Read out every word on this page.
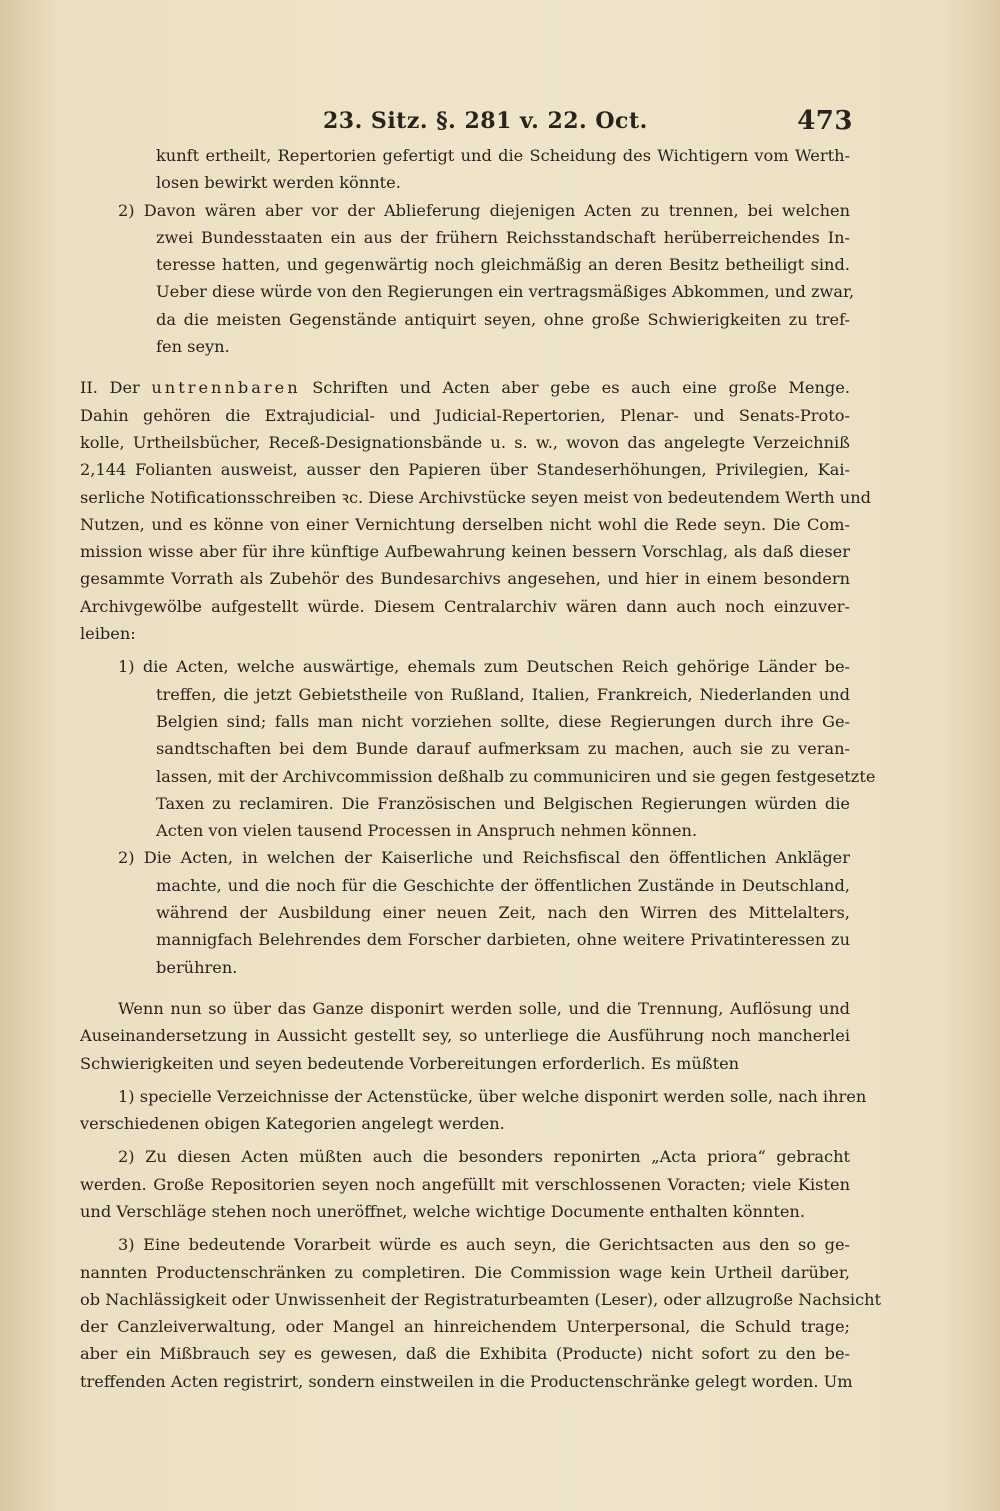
23. Sitz. §. 281 v. 22. Oct.	473

kunft ertheilt, Repertorien gefertigt und die Scheidung des Wichtigern vom Werth-

losen bewirkt werden könnte.

2) Davon wären aber vor der Ablieferung diejenigen Acten zu trennen, bei welchen

zwei Bundesstaaten ein aus der frühern Reichsstandschaft herüberreichendes In-

teresse hatten, und gegenwärtig noch gleichmäßig an deren Besitz betheiligt sind.

Ueber diese würde von den Regierungen ein vertragsmäßiges Abkommen, und zwar,

da die meisten Gegenstände antiquirt seyen, ohne große Schwierigkeiten zu tref-

fen seyn.

II. Der untrennbaren Schriften und Acten aber gebe es auch eine große Menge.

Dahin gehören die Extrajudicial- und Judicial-Repertorien, Plenar- und Senats-Proto-

kolle, Urtheilsbücher, Receß-Designationsbände u. s. w., wovon das angelegte Verzeichniß

2,144 Folianten ausweist, ausser den Papieren über Standeserhöhungen, Privilegien, Kai-

serliche Notificationsschreiben ꝛc. Diese Archivstücke seyen meist von bedeutendem Werth und

Nutzen, und es könne von einer Vernichtung derselben nicht wohl die Rede seyn. Die Com-

mission wisse aber für ihre künftige Aufbewahrung keinen bessern Vorschlag, als daß dieser

gesammte Vorrath als Zubehör des Bundesarchivs angesehen, und hier in einem besondern

Archivgewölbe aufgestellt würde. Diesem Centralarchiv wären dann auch noch einzuver-

leiben:

1) die Acten, welche auswärtige, ehemals zum Deutschen Reich gehörige Länder be-

treffen, die jetzt Gebietstheile von Rußland, Italien, Frankreich, Niederlanden und

Belgien sind; falls man nicht vorziehen sollte, diese Regierungen durch ihre Ge-

sandtschaften bei dem Bunde darauf aufmerksam zu machen, auch sie zu veran-

lassen, mit der Archivcommission deßhalb zu communiciren und sie gegen festgesetzte

Taxen zu reclamiren. Die Französischen und Belgischen Regierungen würden die

Acten von vielen tausend Processen in Anspruch nehmen können.

2) Die Acten, in welchen der Kaiserliche und Reichsfiscal den öffentlichen Ankläger

machte, und die noch für die Geschichte der öffentlichen Zustände in Deutschland,

während der Ausbildung einer neuen Zeit, nach den Wirren des Mittelalters,

mannigfach Belehrendes dem Forscher darbieten, ohne weitere Privatinteressen zu

berühren.

Wenn nun so über das Ganze disponirt werden solle, und die Trennung, Auflösung und

Auseinandersetzung in Aussicht gestellt sey, so unterliege die Ausführung noch mancherlei

Schwierigkeiten und seyen bedeutende Vorbereitungen erforderlich. Es müßten

1) specielle Verzeichnisse der Actenstücke, über welche disponirt werden solle, nach ihren

verschiedenen obigen Kategorien angelegt werden.

2) Zu diesen Acten müßten auch die besonders reponirten „Acta priora“ gebracht

werden. Große Repositorien seyen noch angefüllt mit verschlossenen Voracten; viele Kisten

und Verschläge stehen noch uneröffnet, welche wichtige Documente enthalten könnten.

3) Eine bedeutende Vorarbeit würde es auch seyn, die Gerichtsacten aus den so ge-

nannten Productenschränken zu completiren. Die Commission wage kein Urtheil darüber,

ob Nachlässigkeit oder Unwissenheit der Registraturbeamten (Leser), oder allzugroße Nachsicht

der Canzleiverwaltung, oder Mangel an hinreichendem Unterpersonal, die Schuld trage;

aber ein Mißbrauch sey es gewesen, daß die Exhibita (Producte) nicht sofort zu den be-

treffenden Acten registrirt, sondern einstweilen in die Productenschränke gelegt worden. Um
